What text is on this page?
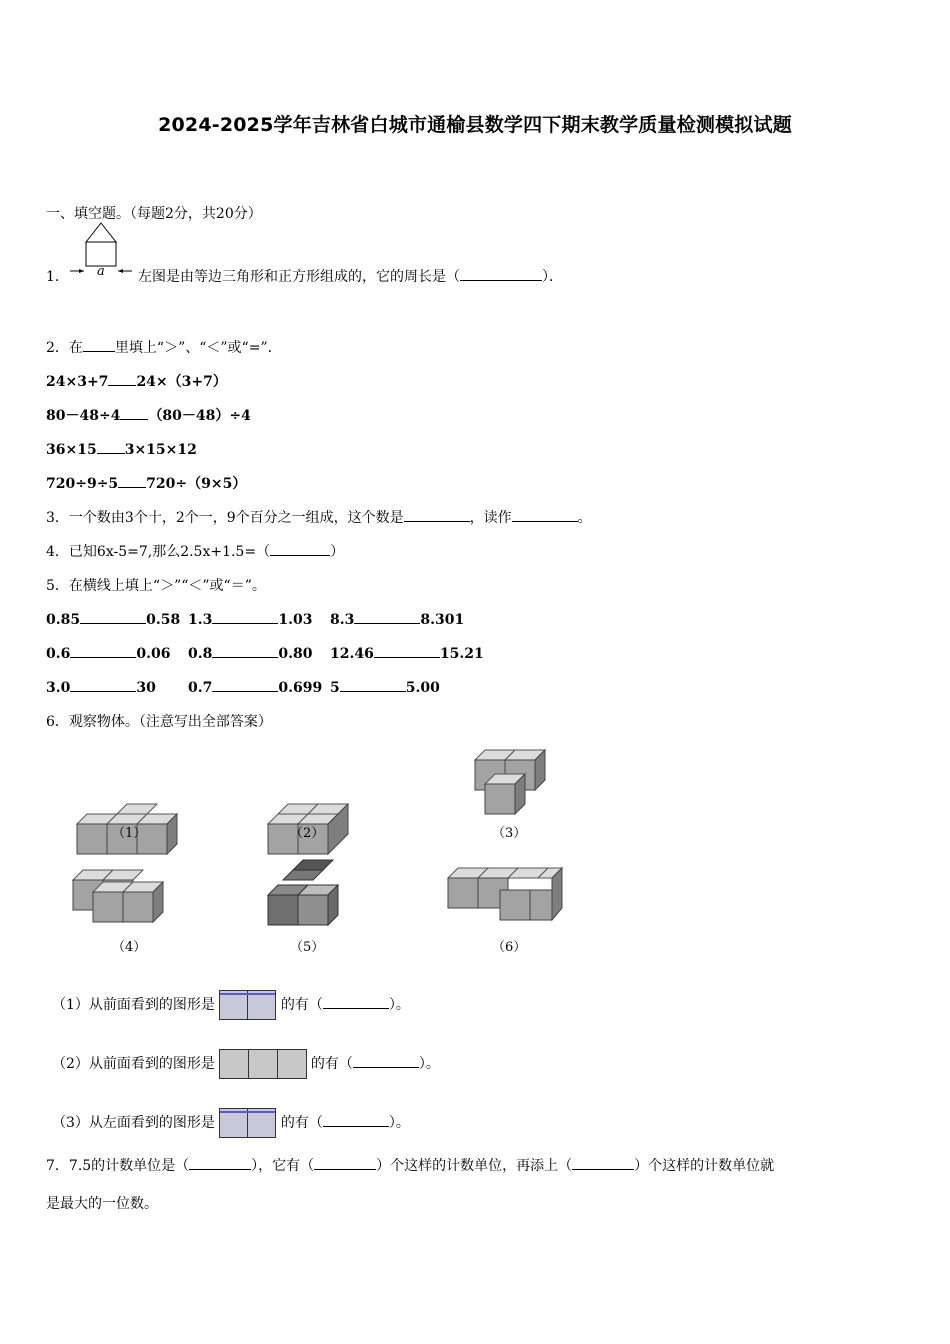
2024-2025学年吉林省白城市通榆县数学四下期末教学质量检测模拟试题
一、填空题。（每题2分，共20分）
1． a 左图是由等边三角形和正方形组成的，它的周长是（	）．
2．在 里填上“＞”、“＜”或“=”.
24×3+7 24×（3+7）
80－48÷4 （80－48）÷4
36×15 3×15×12
720÷9÷5 720÷（9×5）
3．一个数由3个十，2个一，9个百分之一组成，这个数是	，读作	。
4．已知6x-5=7,那么2.5x+1.5=（	）
5．在横线上填上“＞”“＜”或“＝”。
0.85	0.58 1.3	1.03 8.3	8.301
0.6	0.06 0.8	0.80 12.46	15.21
3.0	30 0.7	0.699 5	5.00
6．观察物体。（注意写出全部答案）
（1）	（2）	（3）
（4）	（5）	（6）
（1）从前面看到的图形是	的有（	）。
（2）从前面看到的图形是	的有（	）。
（3）从左面看到的图形是	的有（	）。
7．7.5的计数单位是（	），它有（	）个这样的计数单位，再添上（	）个这样的计数单位就
是最大的一位数。
